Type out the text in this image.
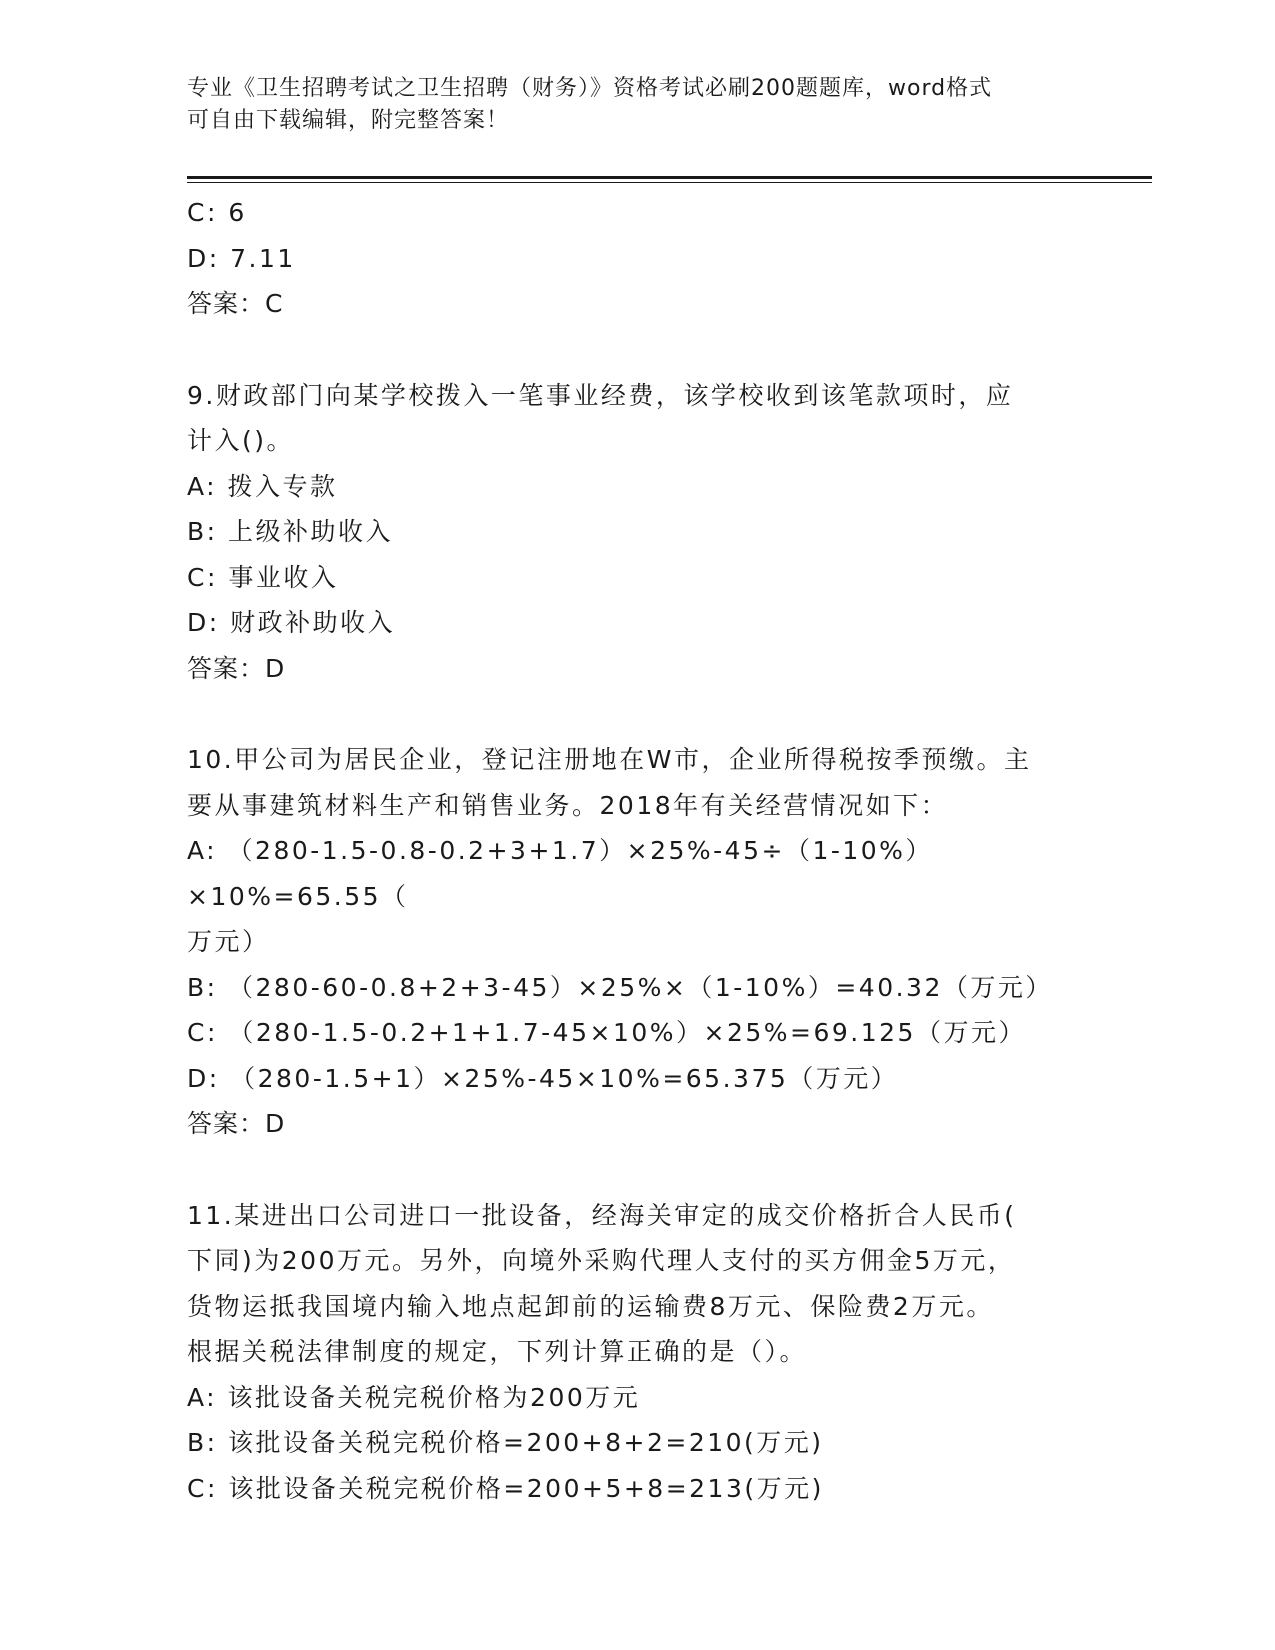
专业《卫生招聘考试之卫生招聘（财务）》资格考试必刷200题题库，word格式
可自由下载编辑，附完整答案！
C: 6
D: 7.11
答案：C
9.财政部门向某学校拨入一笔事业经费，该学校收到该笔款项时，应
计入()。
A: 拨入专款
B: 上级补助收入
C: 事业收入
D: 财政补助收入
答案：D
10.甲公司为居民企业，登记注册地在W市，企业所得税按季预缴。主
要从事建筑材料生产和销售业务。2018年有关经营情况如下：
A: （280-1.5-0.8-0.2+3+1.7）×25%-45÷（1-10%）×10%=65.55（
万元）
B: （280-60-0.8+2+3-45）×25%×（1-10%）=40.32（万元）
C: （280-1.5-0.2+1+1.7-45×10%）×25%=69.125（万元）
D: （280-1.5+1）×25%-45×10%=65.375（万元）
答案：D
11.某进出口公司进口一批设备，经海关审定的成交价格折合人民币(
下同)为200万元。另外，向境外采购代理人支付的买方佣金5万元，
货物运抵我国境内输入地点起卸前的运输费8万元、保险费2万元。
根据关税法律制度的规定，下列计算正确的是（）。
A: 该批设备关税完税价格为200万元
B: 该批设备关税完税价格=200+8+2=210(万元)
C: 该批设备关税完税价格=200+5+8=213(万元)
